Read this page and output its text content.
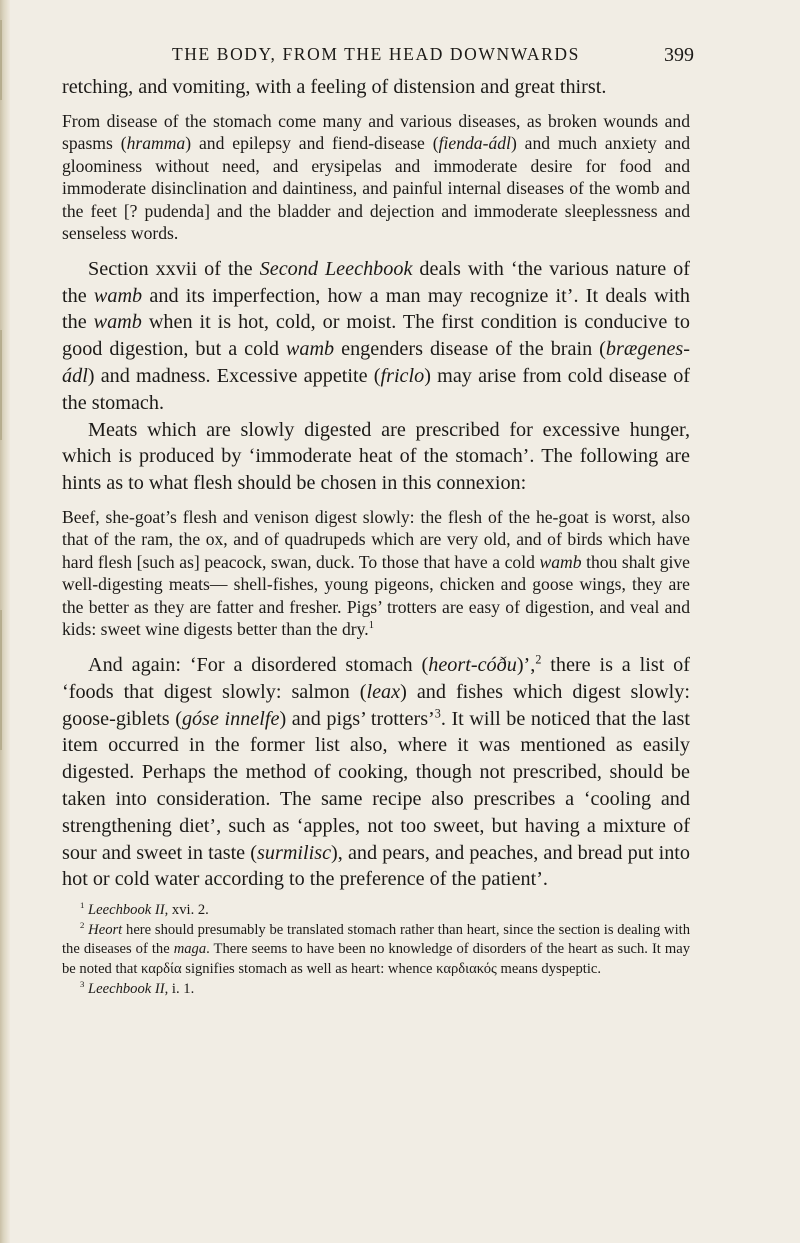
THE BODY, FROM THE HEAD DOWNWARDS	399

retching, and vomiting, with a feeling of distension and great thirst.

From disease of the stomach come many and various diseases, as broken wounds and spasms (hramma) and epilepsy and fiend-disease (fienda-ádl) and much anxiety and gloominess without need, and erysipelas and immoderate desire for food and immoderate disinclination and daintiness, and painful internal diseases of the womb and the feet [? pudenda] and the bladder and dejection and immoderate sleeplessness and senseless words.

Section xxvii of the Second Leechbook deals with ‘the various nature of the wamb and its imperfection, how a man may recognize it’. It deals with the wamb when it is hot, cold, or moist. The first condition is conducive to good digestion, but a cold wamb engenders disease of the brain (brægenes-ádl) and madness. Excessive appetite (friclo) may arise from cold disease of the stomach.

Meats which are slowly digested are prescribed for excessive hunger, which is produced by ‘immoderate heat of the stomach’. The following are hints as to what flesh should be chosen in this connexion:

Beef, she-goat’s flesh and venison digest slowly: the flesh of the he-goat is worst, also that of the ram, the ox, and of quadrupeds which are very old, and of birds which have hard flesh [such as] peacock, swan, duck. To those that have a cold wamb thou shalt give well-digesting meats— shell-fishes, young pigeons, chicken and goose wings, they are the better as they are fatter and fresher. Pigs’ trotters are easy of digestion, and veal and kids: sweet wine digests better than the dry.$^1$

And again: ‘For a disordered stomach (heort-cóðu)’,$^2$ there is a list of ‘foods that digest slowly: salmon (leax) and fishes which digest slowly: goose-giblets (góse innelfe) and pigs’ trotters’$^3$. It will be noticed that the last item occurred in the former list also, where it was mentioned as easily digested. Perhaps the method of cooking, though not prescribed, should be taken into consideration. The same recipe also prescribes a ‘cooling and strengthening diet’, such as ‘apples, not too sweet, but having a mixture of sour and sweet in taste (surmilisc), and pears, and peaches, and bread put into hot or cold water according to the preference of the patient’.

$^1$ Leechbook II, xvi. 2.

$^2$ Heort here should presumably be translated stomach rather than heart, since the section is dealing with the diseases of the maga. There seems to have been no knowledge of disorders of the heart as such. It may be noted that καρδία signifies stomach as well as heart: whence καρδιακός means dyspeptic.

$^3$ Leechbook II, i. 1.
